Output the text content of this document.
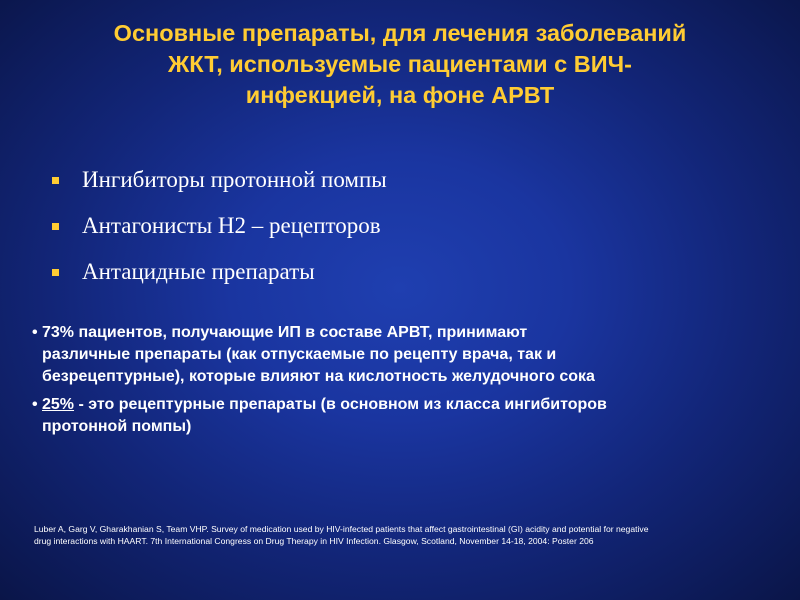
Основные препараты, для лечения заболеваний
ЖКТ, используемые пациентами с ВИЧ-
инфекцией, на фоне АРВТ
Ингибиторы протонной помпы
Антагонисты Н2 – рецепторов
Антацидные препараты
• 73% пациентов, получающие ИП в составе АРВТ, принимают
различные препараты (как отпускаемые по рецепту врача, так и
безрецептурные), которые влияют на кислотность желудочного сока
• 25% - это рецептурные препараты (в основном из класса ингибиторов
протонной помпы)
Luber A, Garg V, Gharakhanian S, Team VHP. Survey of medication used by HIV-infected patients that affect gastrointestinal (GI) acidity and potential for negative
drug interactions with HAART. 7th International Congress on Drug Therapy in HIV Infection. Glasgow, Scotland, November 14-18, 2004: Poster 206
